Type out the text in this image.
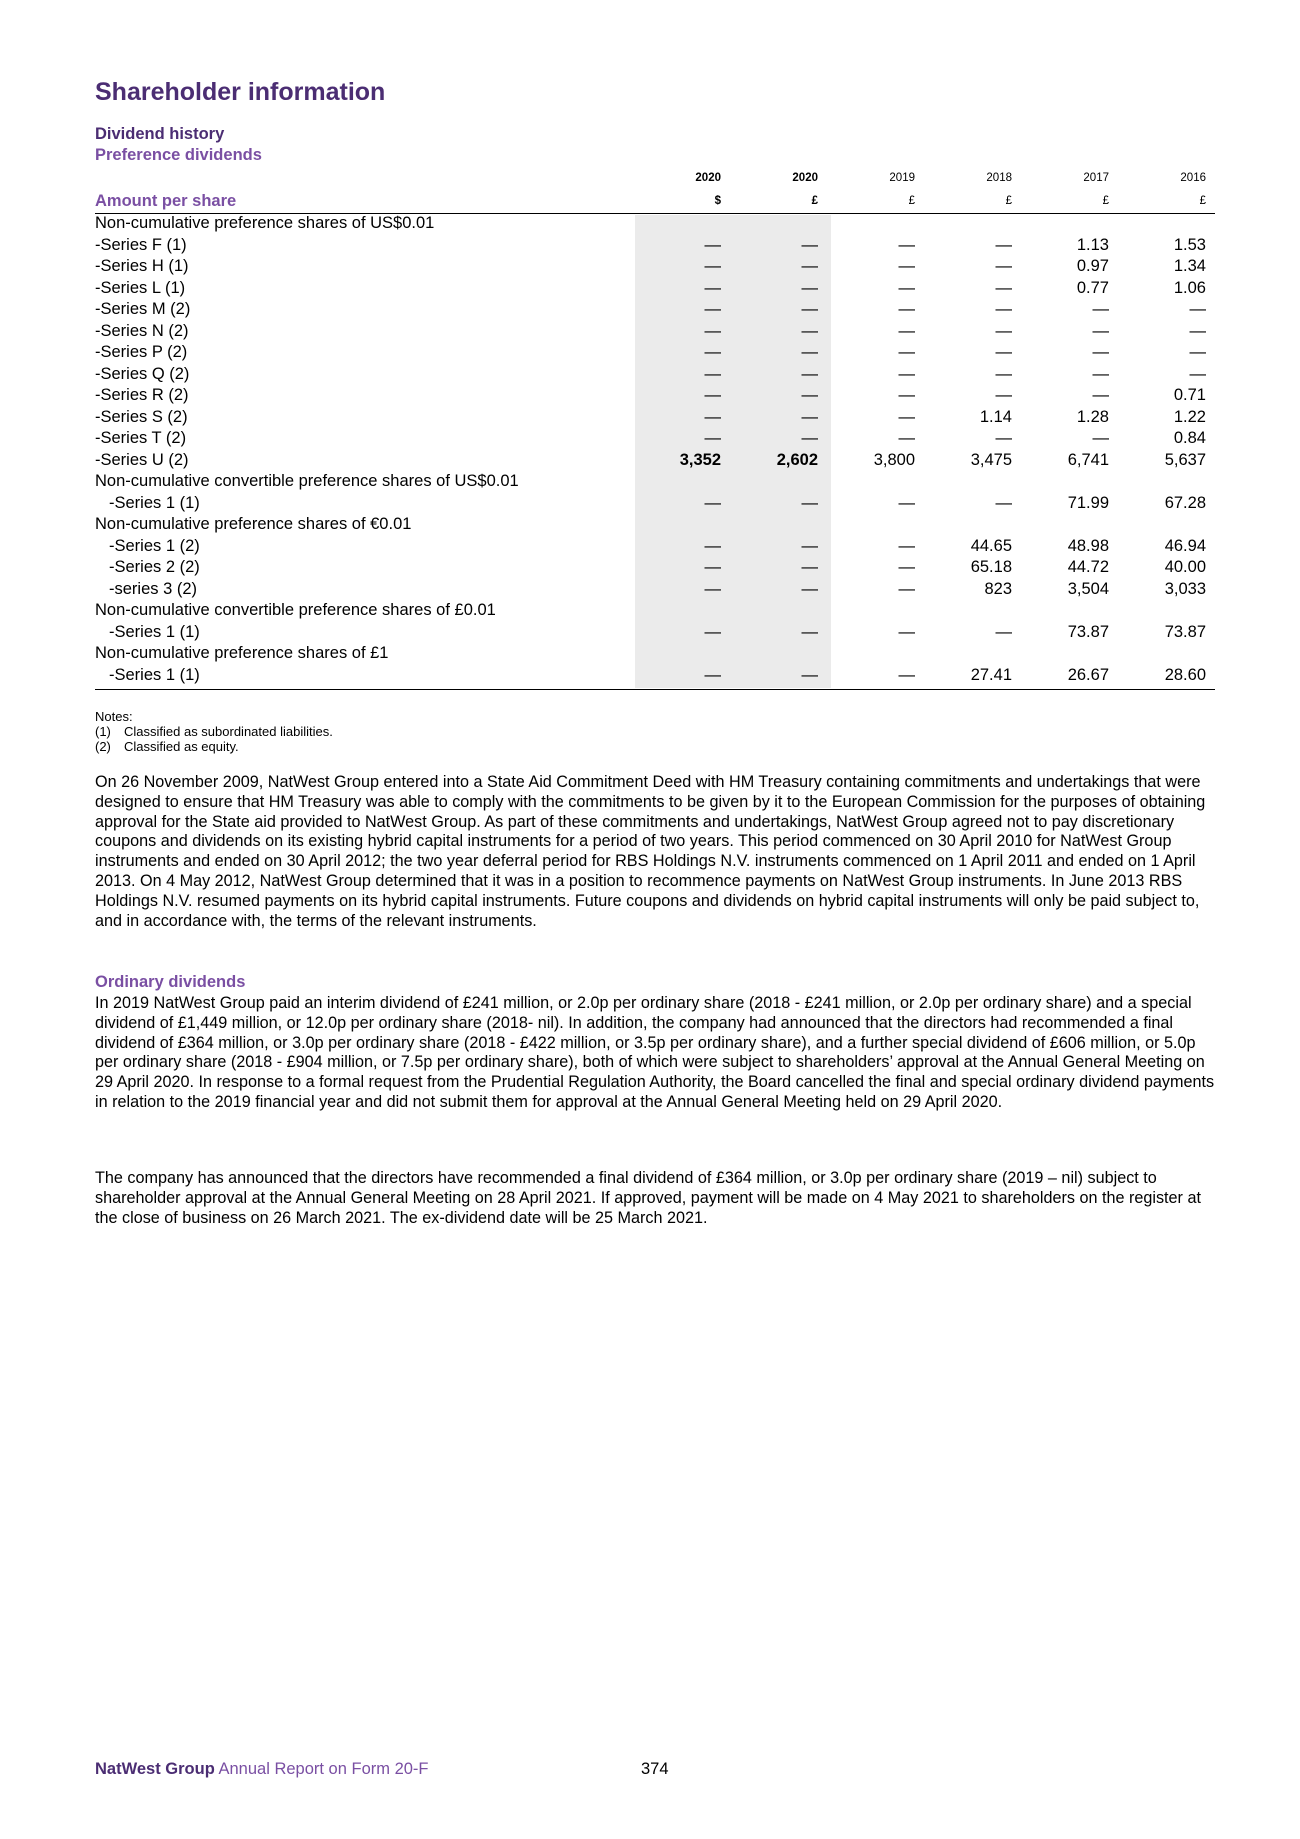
Shareholder information
Dividend history
Preference dividends
2020	2020	2019	2018	2017	2016
Amount per share	$	£	£	£	£	£
Non-cumulative preference shares of US$0.01
-Series F (1)	—	—	—	—	1.13	1.53
-Series H (1)	—	—	—	—	0.97	1.34
-Series L (1)	—	—	—	—	0.77	1.06
-Series M (2)	—	—	—	—	—	—
-Series N (2)	—	—	—	—	—	—
-Series P (2)	—	—	—	—	—	—
-Series Q (2)	—	—	—	—	—	—
-Series R (2)	—	—	—	—	—	0.71
-Series S (2)	—	—	—	1.14	1.28	1.22
-Series T (2)	—	—	—	—	—	0.84
-Series U (2)	3,352	2,602	3,800	3,475	6,741	5,637
Non-cumulative convertible preference shares of US$0.01
-Series 1 (1)	—	—	—	—	71.99	67.28
Non-cumulative preference shares of €0.01
-Series 1 (2)	—	—	—	44.65	48.98	46.94
-Series 2 (2)	—	—	—	65.18	44.72	40.00
-series 3 (2)	—	—	—	823	3,504	3,033
Non-cumulative convertible preference shares of £0.01
-Series 1 (1)	—	—	—	—	73.87	73.87
Non-cumulative preference shares of £1
-Series 1 (1)	—	—	—	27.41	26.67	28.60
Notes:
(1) Classified as subordinated liabilities.
(2) Classified as equity.

On 26 November 2009, NatWest Group entered into a State Aid Commitment Deed with HM Treasury containing commitments and undertakings that were designed to ensure that HM Treasury was able to comply with the commitments to be given by it to the European Commission for the purposes of obtaining approval for the State aid provided to NatWest Group. As part of these commitments and undertakings, NatWest Group agreed not to pay discretionary coupons and dividends on its existing hybrid capital instruments for a period of two years. This period commenced on 30 April 2010 for NatWest Group instruments and ended on 30 April 2012; the two year deferral period for RBS Holdings N.V. instruments commenced on 1 April 2011 and ended on 1 April 2013. On 4 May 2012, NatWest Group determined that it was in a position to recommence payments on NatWest Group instruments. In June 2013 RBS Holdings N.V. resumed payments on its hybrid capital instruments. Future coupons and dividends on hybrid capital instruments will only be paid subject to, and in accordance with, the terms of the relevant instruments.

Ordinary dividends

In 2019 NatWest Group paid an interim dividend of £241 million, or 2.0p per ordinary share (2018 - £241 million, or 2.0p per ordinary share) and a special dividend of £1,449 million, or 12.0p per ordinary share (2018- nil). In addition, the company had announced that the directors had recommended a final dividend of £364 million, or 3.0p per ordinary share (2018 - £422 million, or 3.5p per ordinary share), and a further special dividend of £606 million, or 5.0p per ordinary share (2018 - £904 million, or 7.5p per ordinary share), both of which were subject to shareholders’ approval at the Annual General Meeting on 29 April 2020. In response to a formal request from the Prudential Regulation Authority, the Board cancelled the final and special ordinary dividend payments in relation to the 2019 financial year and did not submit them for approval at the Annual General Meeting held on 29 April 2020.

The company has announced that the directors have recommended a final dividend of £364 million, or 3.0p per ordinary share (2019 – nil) subject to shareholder approval at the Annual General Meeting on 28 April 2021. If approved, payment will be made on 4 May 2021 to shareholders on the register at the close of business on 26 March 2021. The ex-dividend date will be 25 March 2021.

NatWest Group Annual Report on Form 20-F	374
